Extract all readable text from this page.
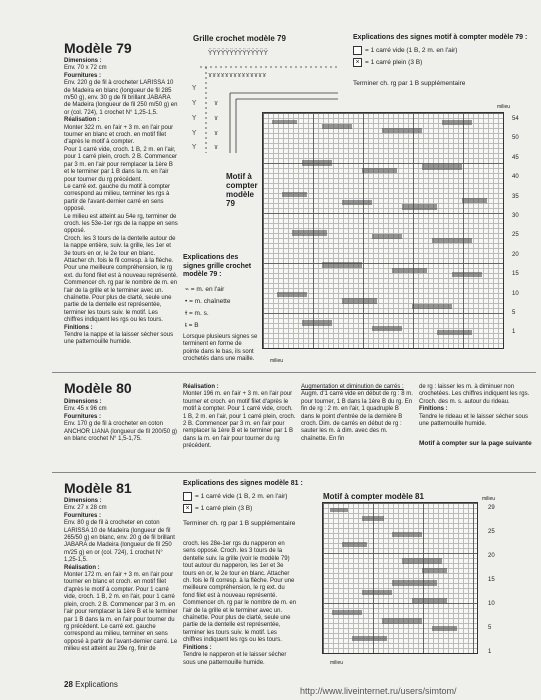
Modèle 79
Dimensions :
Env. 70 x 72 cm
Fournitures :
Env. 220 g de fil à crocheter LARISSA 10 de Madeira en blanc (longueur de fil 285 m/50 g), env. 30 g de fil brillant JABARA de Madeira (longueur de fil 250 m/50 g) en or (col. 724), 1 crochet N° 1,25-1,5.
Réalisation :
Monter 322 m. en l'air + 3 m. en l'air pour tourner en blanc et croch. en motif filet d'après le motif à compter.
Pour 1 carré vide, croch. 1 B, 2 m. en l'air, pour 1 carré plein, croch. 2 B. Commencer par 3 m. en l'air pour remplacer la 1ère B et le terminer par 1 B dans la m. en l'air pour tourner du rg précédent.
Le carré ext. gauche du motif à compter correspond au milieu, terminer les rgs à partir de l'avant-dernier carré en sens opposé.
Le milieu est atteint au 54e rg, terminer de croch. les 53e-1er rgs de la nappe en sens opposé.
Croch. les 3 tours de la dentelle autour de la nappe entière, suiv. la grille, les 1er et 3e tours en or, le 2e tour en blanc. Attacher ch. fois le fil corresp. à la flèche. Pour une meilleure compréhension, le rg ext. du fond filet est à nouveau représenté. Commencer ch. rg par le nombre de m. en l'air de la grille et le terminer avec un. chaînette. Pour plus de clarté, seule une partie de la dentelle est représentée, terminer les tours suiv. le motif. Les chiffres indiquent les rgs ou les tours.
Finitions :
Tendre la nappe et la laisser sécher sous une patternouille humide.
Grille crochet modèle 79
ŸŸŸŸŸŸŸŸŸŸŸŸŸŸ
ɤɤɤɤɤɤɤɤɤɤɤɤɤɤ
Y
Y
Y
Y
Y
ɤ
ɤ
ɤ
ɤ
Explications des signes motif à compter modèle 79 :
= 1 carré vide (1 B, 2 m. en l'air)
× = 1 carré plein (3 B)
Terminer ch. rg par 1 B supplémentaire
milieu
54
50
45
40
35
30
25
20
15
10
5
1
milieu
Motif à compter modèle 79
Explications des signes grille crochet modèle 79 :
⌁ = m. en l'air
• = m. chaînette
ɫ = m. s.
ŧ = B
Lorsque plusieurs signes se terminent en forme de pointe dans le bas, ils sont crochetés dans une maille.
Modèle 80
Dimensions :
Env. 45 x 96 cm
Fournitures :
Env. 170 g de fil à crocheter en coton ANCHOR LIANA (longueur de fil 200/50 g) en blanc crochet N° 1,5-1,75.
Réalisation :
Monter 196 m. en l'air + 3 m. en l'air pour tourner et croch. en motif filet d'après le motif à compter. Pour 1 carré vide, croch. 1 B, 2 m. en l'air, pour 1 carré plein, croch. 2 B. Commencer par 3 m. en l'air pour remplacer la 1ère B et le terminer par 1 B dans la m. en l'air pour tourner du rg précédent.
Augmentation et diminution de carrés :
Augm. d'1 carré vide en début de rg : 8 m. pour tourner, 1 B dans la 1ère B du rg. En fin de rg : 2 m. en l'air, 1 quadruple B dans le point d'entrée de la dernière B croch. Dim. de carrés en début de rg : sauter les m. à dim. avec des m. chaînette. En fin
de rg : laisser les m. à diminuer non crochetées. Les chiffres indiquent les rgs. Croch. des m. s. autour du rideau.
Finitions :
Tendre le rideau et le laisser sécher sous une patternouille humide.
Motif à compter sur la page suivante
Modèle 81
Dimensions :
Env. 27 x 28 cm
Fournitures :
Env. 80 g de fil à crocheter en coton LARISSA 10 de Madeira (longueur de fil 265/50 g) en blanc, env. 20 g de fil brillant JABARA de Madeira (longueur de fil 250 m/25 g) en or (col. 724), 1 crochet N° 1,25-1,5.
Réalisation :
Monter 172 m. en l'air + 3 m. en l'air pour tourner en blanc et croch. en motif filet d'après le motif à compter. Pour 1 carré vide, croch. 1 B, 2 m. en l'air, pour 1 carré plein, croch. 2 B. Commencer par 3 m. en l'air pour remplacer la 1ère B et le terminer par 1 B dans la m. en l'air pour tourner du rg précédent. Le carré ext. gauche correspond au milieu, terminer en sens opposé à partir de l'avant-dernier carré. Le milieu est atteint au 29e rg, finir de
Explications des signes modèle 81 :
= 1 carré vide (1 B, 2 m. en l'air)
× = 1 carré plein (3 B)
Terminer ch. rg par 1 B supplémentaire
croch. les 28e-1er rgs du napperon en sens opposé. Croch. les 3 tours de la dentelle suiv. la grille (voir le modèle 79) tout autour du napperon, les 1er et 3e tours en or, le 2e tour en blanc. Attacher ch. fois le fil corresp. à la flèche. Pour une meilleure compréhension, le rg ext. du fond filet est à nouveau représenté. Commencer ch. rg par le nombre de m. en l'air de la grille et le terminer avec un. chaînette. Pour plus de clarté, seule une partie de la dentelle est représentée, terminer les tours suiv. le motif. Les chiffres indiquent les rgs ou les tours.
Finitions :
Tendre le napperon et le laisser sécher sous une patternouille humide.
Motif à compter modèle 81	milieu
29
25
20
15
10
5
1
milieu
28 Explications
http://www.liveinternet.ru/users/simtom/
